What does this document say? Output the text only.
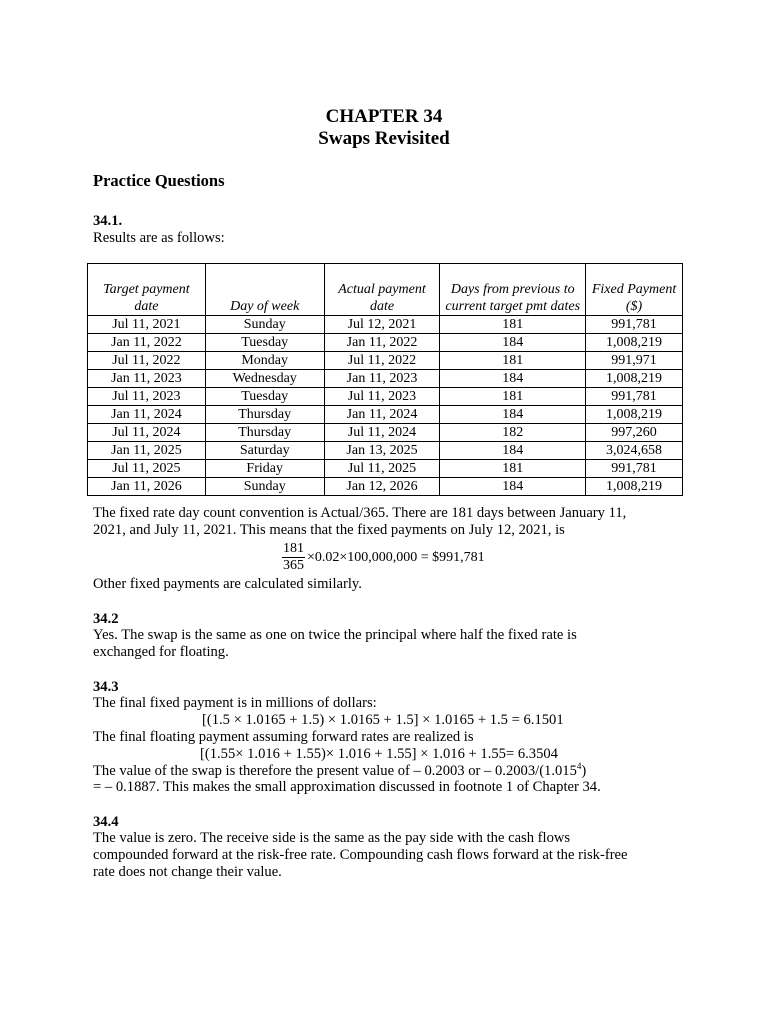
CHAPTER 34
Swaps Revisited
Practice Questions
34.1.
Results are as follows:
Target payment date	Day of week	Actual payment date	Days from previous to current target pmt dates	Fixed Payment ($)
Jul 11, 2021	Sunday	Jul 12, 2021	181	991,781
Jan 11, 2022	Tuesday	Jan 11, 2022	184	1,008,219
Jul 11, 2022	Monday	Jul 11, 2022	181	991,971
Jan 11, 2023	Wednesday	Jan 11, 2023	184	1,008,219
Jul 11, 2023	Tuesday	Jul 11, 2023	181	991,781
Jan 11, 2024	Thursday	Jan 11, 2024	184	1,008,219
Jul 11, 2024	Thursday	Jul 11, 2024	182	997,260
Jan 11, 2025	Saturday	Jan 13, 2025	184	3,024,658
Jul 11, 2025	Friday	Jul 11, 2025	181	991,781
Jan 11, 2026	Sunday	Jan 12, 2026	184	1,008,219
The fixed rate day count convention is Actual/365. There are 181 days between January 11,
2021, and July 11, 2021. This means that the fixed payments on July 12, 2021, is
$\frac{181}{365} \times 0.02\times 100,000,000$ = $991,781
Other fixed payments are calculated similarly.
34.2
Yes. The swap is the same as one on twice the principal where half the fixed rate is
exchanged for floating.
34.3
The final fixed payment is in millions of dollars:
[(1.5 × 1.0165 + 1.5) × 1.0165 + 1.5] × 1.0165 + 1.5 = 6.1501
The final floating payment assuming forward rates are realized is
[(1.55× 1.016 + 1.55)× 1.016 + 1.55] × 1.016 + 1.55= 6.3504
The value of the swap is therefore the present value of – 0.2003 or – $0.2003/(1.015^4)$
= – 0.1887. This makes the small approximation discussed in footnote 1 of Chapter 34.
34.4
The value is zero. The receive side is the same as the pay side with the cash flows
compounded forward at the risk-free rate. Compounding cash flows forward at the risk-free
rate does not change their value.
